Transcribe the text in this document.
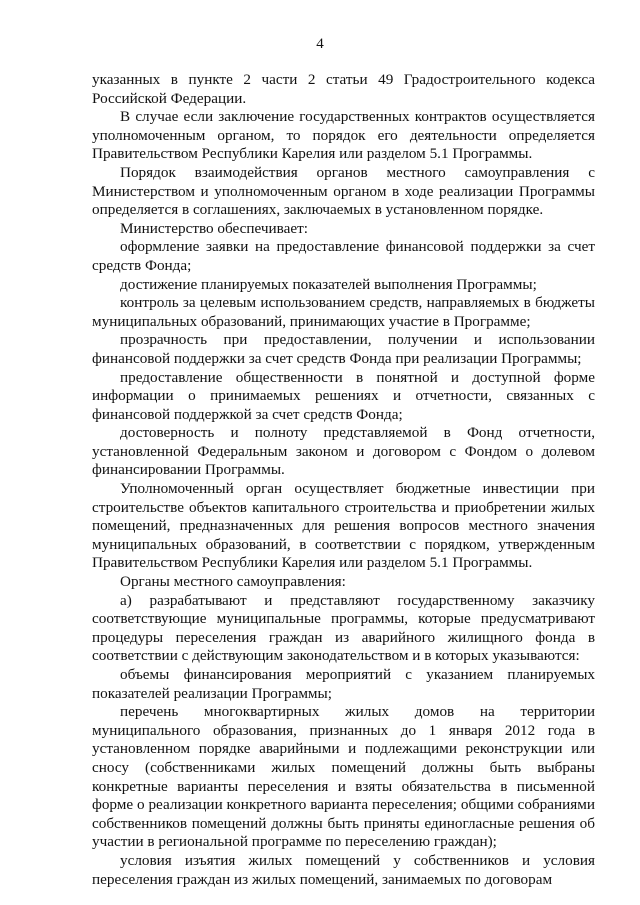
4

указанных в пункте 2 части 2 статьи 49 Градостроительного кодекса Российской Федерации.

В случае если заключение государственных контрактов осуществляется уполномоченным органом, то порядок его деятельности определяется Правительством Республики Карелия или разделом 5.1 Программы.

Порядок взаимодействия органов местного самоуправления с Министерством и уполномоченным органом в ходе реализации Программы определяется в соглашениях, заключаемых в установленном порядке.

Министерство обеспечивает:

оформление заявки на предоставление финансовой поддержки за счет средств Фонда;

достижение планируемых показателей выполнения Программы;

контроль за целевым использованием средств, направляемых в бюджеты муниципальных образований, принимающих участие в Программе;

прозрачность при предоставлении, получении и использовании финансовой поддержки за счет средств Фонда при реализации Программы;

предоставление общественности в понятной и доступной форме информации о принимаемых решениях и отчетности, связанных с финансовой поддержкой за счет средств Фонда;

достоверность и полноту представляемой в Фонд отчетности, установленной Федеральным законом и договором с Фондом о долевом финансировании Программы.

Уполномоченный орган осуществляет бюджетные инвестиции при строительстве объектов капитального строительства и приобретении жилых помещений, предназначенных для решения вопросов местного значения муниципальных образований, в соответствии с порядком, утвержденным Правительством Республики Карелия или разделом 5.1 Программы.

Органы местного самоуправления:

а) разрабатывают и представляют государственному заказчику соответствующие муниципальные программы, которые предусматривают процедуры переселения граждан из аварийного жилищного фонда в соответствии с действующим законодательством и в которых указываются:

объемы финансирования мероприятий с указанием планируемых показателей реализации Программы;

перечень многоквартирных жилых домов на территории муниципального образования, признанных до 1 января 2012 года в установленном порядке аварийными и подлежащими реконструкции или сносу (собственниками жилых помещений должны быть выбраны конкретные варианты переселения и взяты обязательства в письменной форме о реализации конкретного варианта переселения; общими собраниями собственников помещений должны быть приняты единогласные решения об участии в региональной программе по переселению граждан);

условия изъятия жилых помещений у собственников и условия переселения граждан из жилых помещений, занимаемых по договорам
